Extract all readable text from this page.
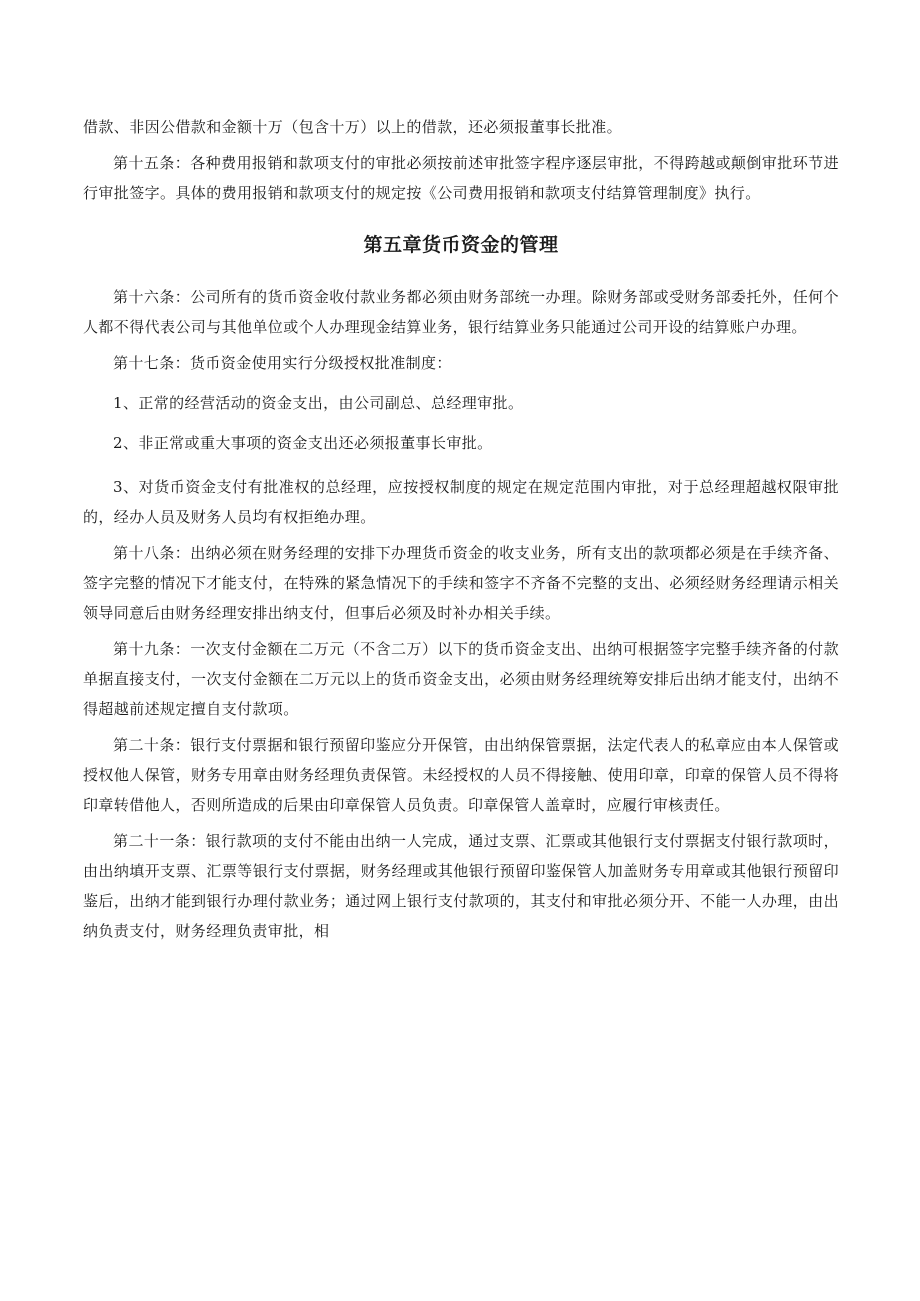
借款、非因公借款和金额十万（包含十万）以上的借款，还必须报董事长批准。

第十五条：各种费用报销和款项支付的审批必须按前述审批签字程序逐层审批，不得跨越或颠倒审批环节进行审批签字。具体的费用报销和款项支付的规定按《公司费用报销和款项支付结算管理制度》执行。

第五章货币资金的管理

第十六条：公司所有的货币资金收付款业务都必须由财务部统一办理。除财务部或受财务部委托外，任何个人都不得代表公司与其他单位或个人办理现金结算业务，银行结算业务只能通过公司开设的结算账户办理。

第十七条：货币资金使用实行分级授权批准制度：

1、正常的经营活动的资金支出，由公司副总、总经理审批。

2、非正常或重大事项的资金支出还必须报董事长审批。

3、对货币资金支付有批准权的总经理，应按授权制度的规定在规定范围内审批，对于总经理超越权限审批的，经办人员及财务人员均有权拒绝办理。

第十八条：出纳必须在财务经理的安排下办理货币资金的收支业务，所有支出的款项都必须是在手续齐备、签字完整的情况下才能支付，在特殊的紧急情况下的手续和签字不齐备不完整的支出、必须经财务经理请示相关领导同意后由财务经理安排出纳支付，但事后必须及时补办相关手续。

第十九条：一次支付金额在二万元（不含二万）以下的货币资金支出、出纳可根据签字完整手续齐备的付款单据直接支付，一次支付金额在二万元以上的货币资金支出，必须由财务经理统筹安排后出纳才能支付，出纳不得超越前述规定擅自支付款项。

第二十条：银行支付票据和银行预留印鉴应分开保管，由出纳保管票据，法定代表人的私章应由本人保管或授权他人保管，财务专用章由财务经理负责保管。未经授权的人员不得接触、使用印章，印章的保管人员不得将印章转借他人，否则所造成的后果由印章保管人员负责。印章保管人盖章时，应履行审核责任。

第二十一条：银行款项的支付不能由出纳一人完成，通过支票、汇票或其他银行支付票据支付银行款项时，由出纳填开支票、汇票等银行支付票据，财务经理或其他银行预留印鉴保管人加盖财务专用章或其他银行预留印鉴后，出纳才能到银行办理付款业务；通过网上银行支付款项的，其支付和审批必须分开、不能一人办理，由出纳负责支付，财务经理负责审批，相
